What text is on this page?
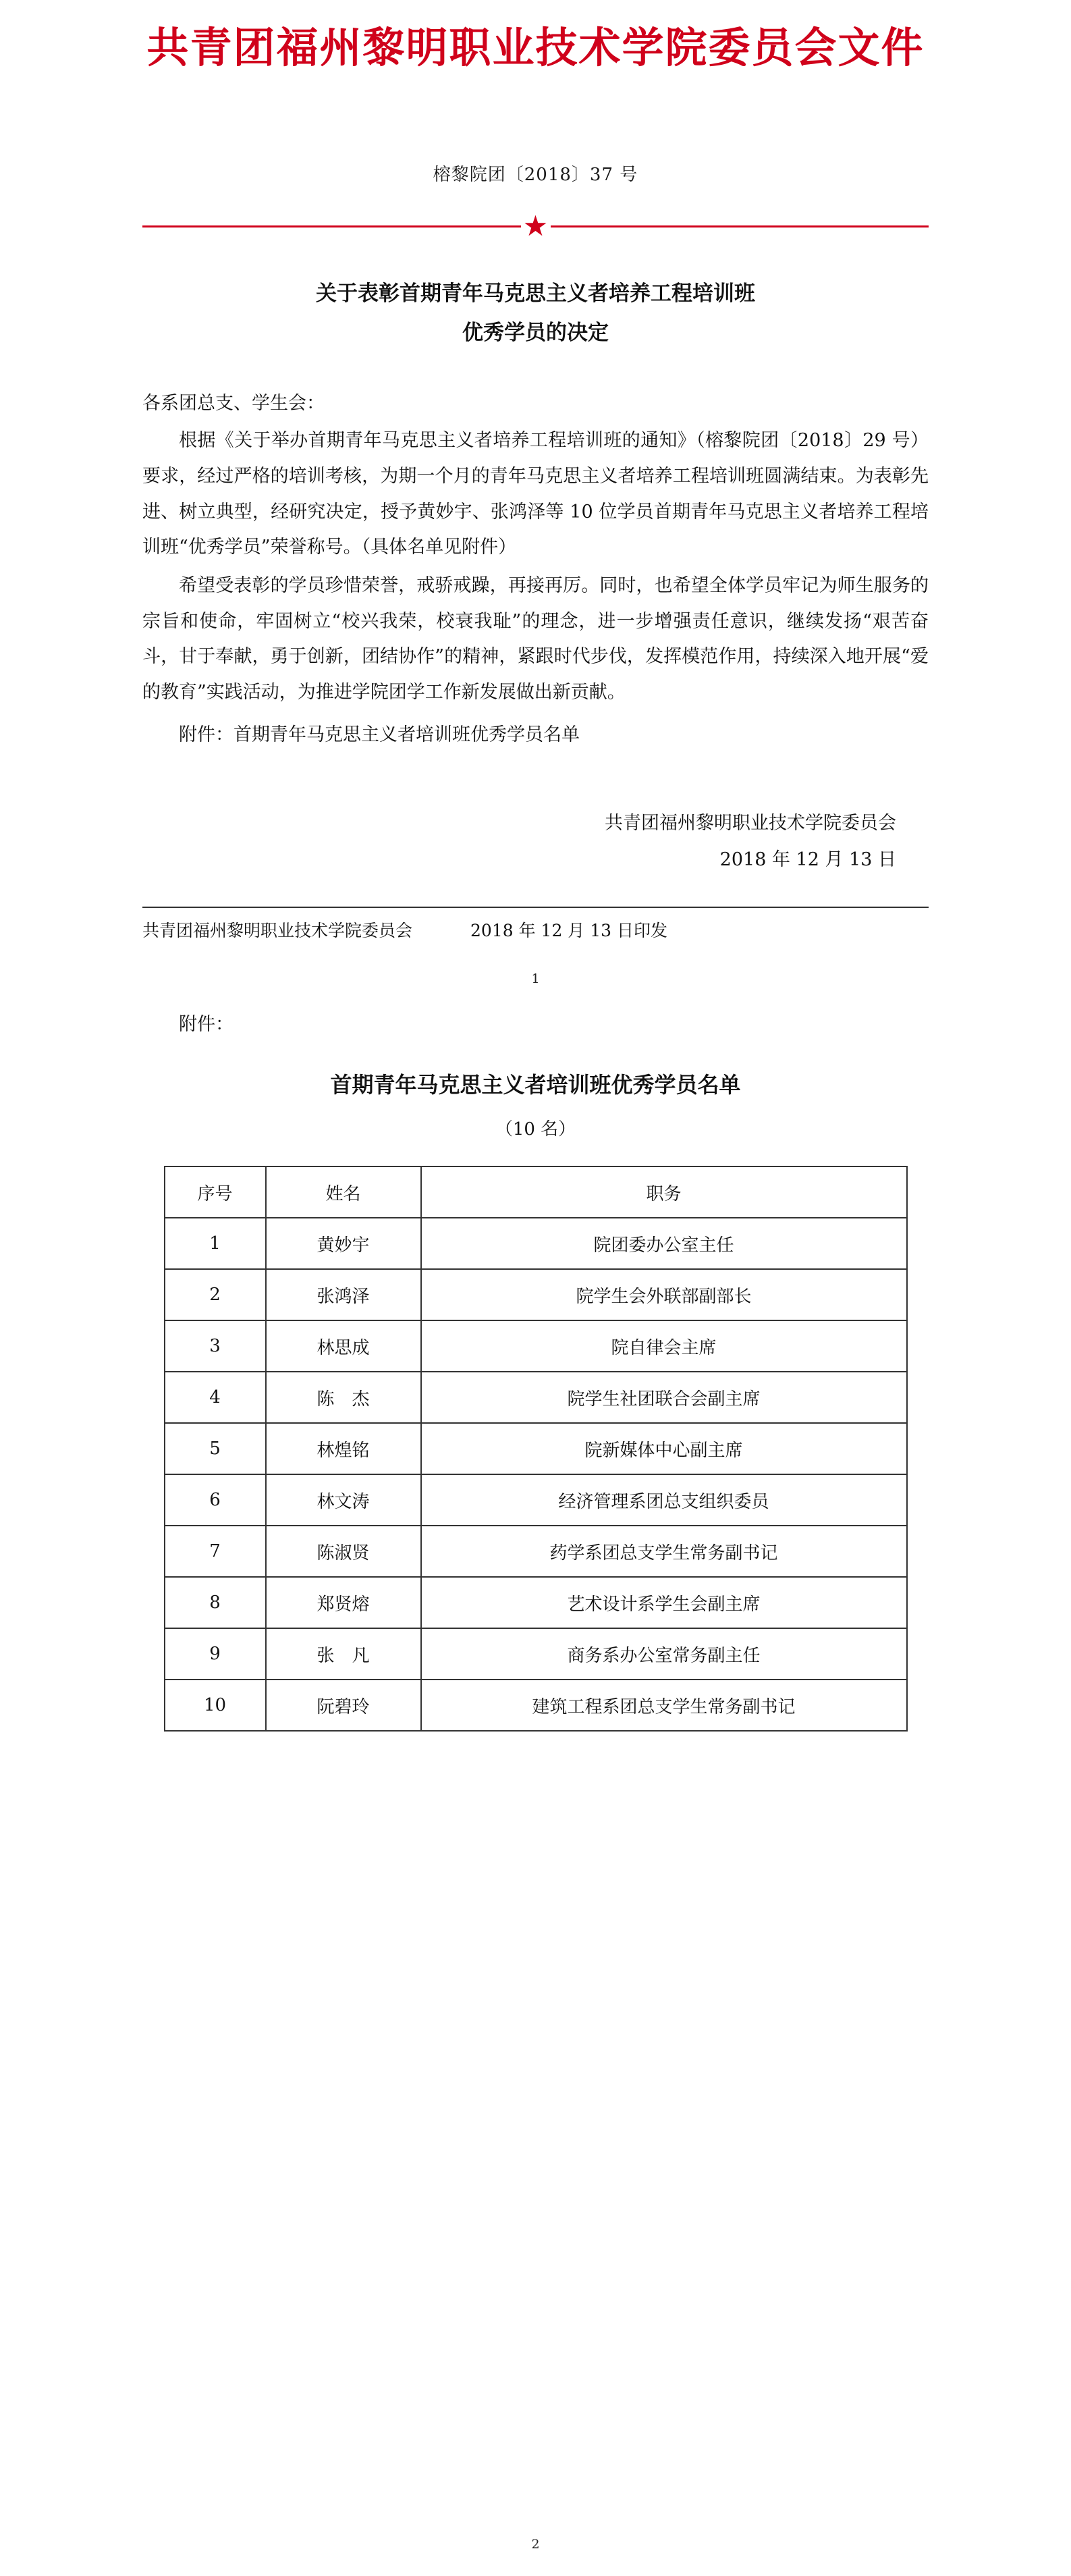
共青团福州黎明职业技术学院委员会文件
榕黎院团〔2018〕37 号
★
关于表彰首期青年马克思主义者培养工程培训班
优秀学员的决定
各系团总支、学生会：
根据《关于举办首期青年马克思主义者培养工程培训班的通知》（榕黎院团〔2018〕29 号）要求，经过严格的培训考核，为期一个月的青年马克思主义者培养工程培训班圆满结束。为表彰先进、树立典型，经研究决定，授予黄妙宇、张鸿泽等 10 位学员首期青年马克思主义者培养工程培训班“优秀学员”荣誉称号。（具体名单见附件）
希望受表彰的学员珍惜荣誉，戒骄戒躁，再接再厉。同时，也希望全体学员牢记为师生服务的宗旨和使命，牢固树立“校兴我荣，校衰我耻”的理念，进一步增强责任意识，继续发扬“艰苦奋斗，甘于奉献，勇于创新，团结协作”的精神，紧跟时代步伐，发挥模范作用，持续深入地开展“爱的教育”实践活动，为推进学院团学工作新发展做出新贡献。
附件：首期青年马克思主义者培训班优秀学员名单
共青团福州黎明职业技术学院委员会
2018 年 12 月 13 日
共青团福州黎明职业技术学院委员会	2018 年 12 月 13 日印发
1
附件：
首期青年马克思主义者培训班优秀学员名单
（10 名）
序号	姓名	职务
1	黄妙宇	院团委办公室主任
2	张鸿泽	院学生会外联部副部长
3	林思成	院自律会主席
4	陈　杰	院学生社团联合会副主席
5	林煌铭	院新媒体中心副主席
6	林文涛	经济管理系团总支组织委员
7	陈淑贤	药学系团总支学生常务副书记
8	郑贤熔	艺术设计系学生会副主席
9	张　凡	商务系办公室常务副主任
10	阮碧玲	建筑工程系团总支学生常务副书记
2
